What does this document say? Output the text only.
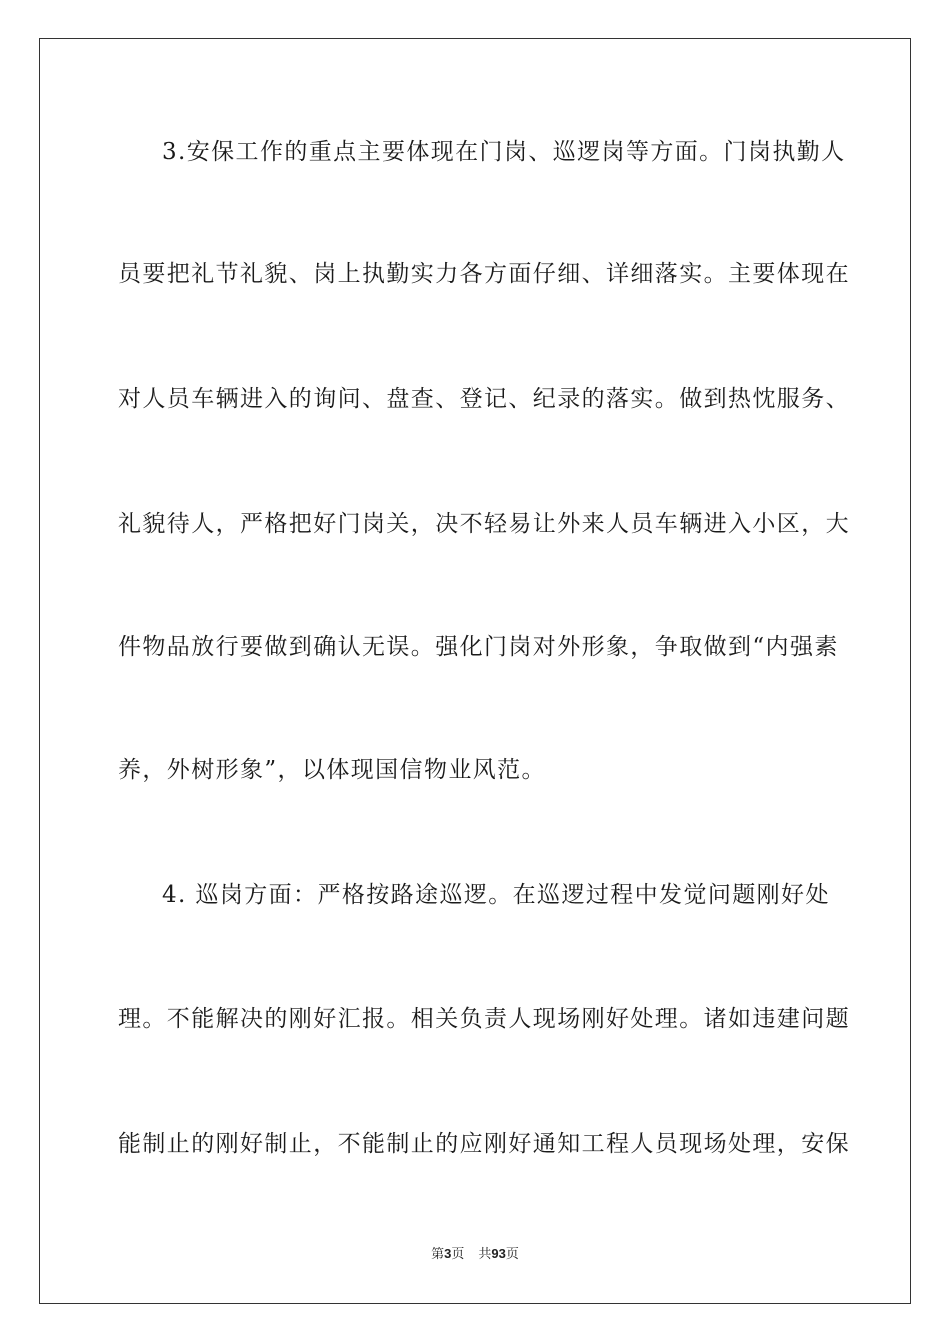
3.安保工作的重点主要体现在门岗、巡逻岗等方面。门岗执勤人
员要把礼节礼貌、岗上执勤实力各方面仔细、详细落实。主要体现在
对人员车辆进入的询问、盘查、登记、纪录的落实。做到热忱服务、
礼貌待人，严格把好门岗关，决不轻易让外来人员车辆进入小区，大
件物品放行要做到确认无误。强化门岗对外形象，争取做到“内强素
养，外树形象”，以体现国信物业风范。
4. 巡岗方面：严格按路途巡逻。在巡逻过程中发觉问题刚好处
理。不能解决的刚好汇报。相关负责人现场刚好处理。诸如违建问题
能制止的刚好制止，不能制止的应刚好通知工程人员现场处理，安保
第3页 共93页
